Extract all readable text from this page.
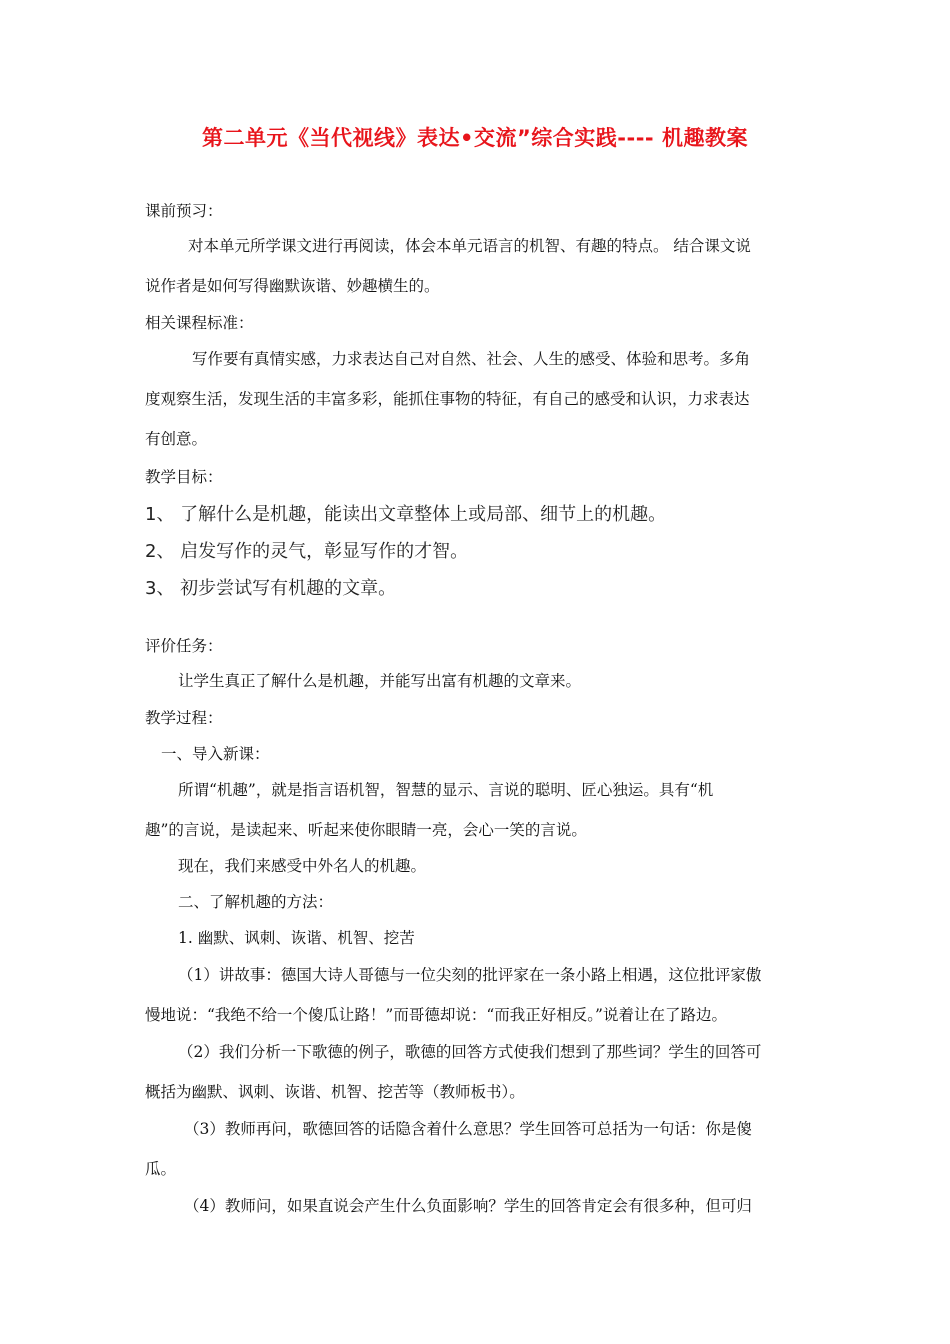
第二单元《当代视线》表达•交流”综合实践---- 机趣教案
课前预习：
对本单元所学课文进行再阅读，体会本单元语言的机智、有趣的特点。 结合课文说
说作者是如何写得幽默诙谐、妙趣横生的。
相关课程标准：
写作要有真情实感，力求表达自己对自然、社会、人生的感受、体验和思考。多角
度观察生活，发现生活的丰富多彩，能抓住事物的特征，有自己的感受和认识，力求表达
有创意。
教学目标：
1、 了解什么是机趣，能读出文章整体上或局部、细节上的机趣。
2、 启发写作的灵气，彰显写作的才智。
3、 初步尝试写有机趣的文章。
评价任务：
让学生真正了解什么是机趣，并能写出富有机趣的文章来。
教学过程：
一、导入新课：
所谓“机趣”，就是指言语机智，智慧的显示、言说的聪明、匠心独运。具有“机
趣”的言说，是读起来、听起来使你眼睛一亮，会心一笑的言说。
现在，我们来感受中外名人的机趣。
二、了解机趣的方法：
1. 幽默、讽刺、诙谐、机智、挖苦
（1）讲故事：德国大诗人哥德与一位尖刻的批评家在一条小路上相遇，这位批评家傲
慢地说：“我绝不给一个傻瓜让路！”而哥德却说：“而我正好相反。”说着让在了路边。
（2）我们分析一下歌德的例子，歌德的回答方式使我们想到了那些词？学生的回答可
概括为幽默、讽刺、诙谐、机智、挖苦等（教师板书）。
（3）教师再问，歌德回答的话隐含着什么意思？学生回答可总括为一句话：你是傻
瓜。
（4）教师问，如果直说会产生什么负面影响？学生的回答肯定会有很多种，但可归
